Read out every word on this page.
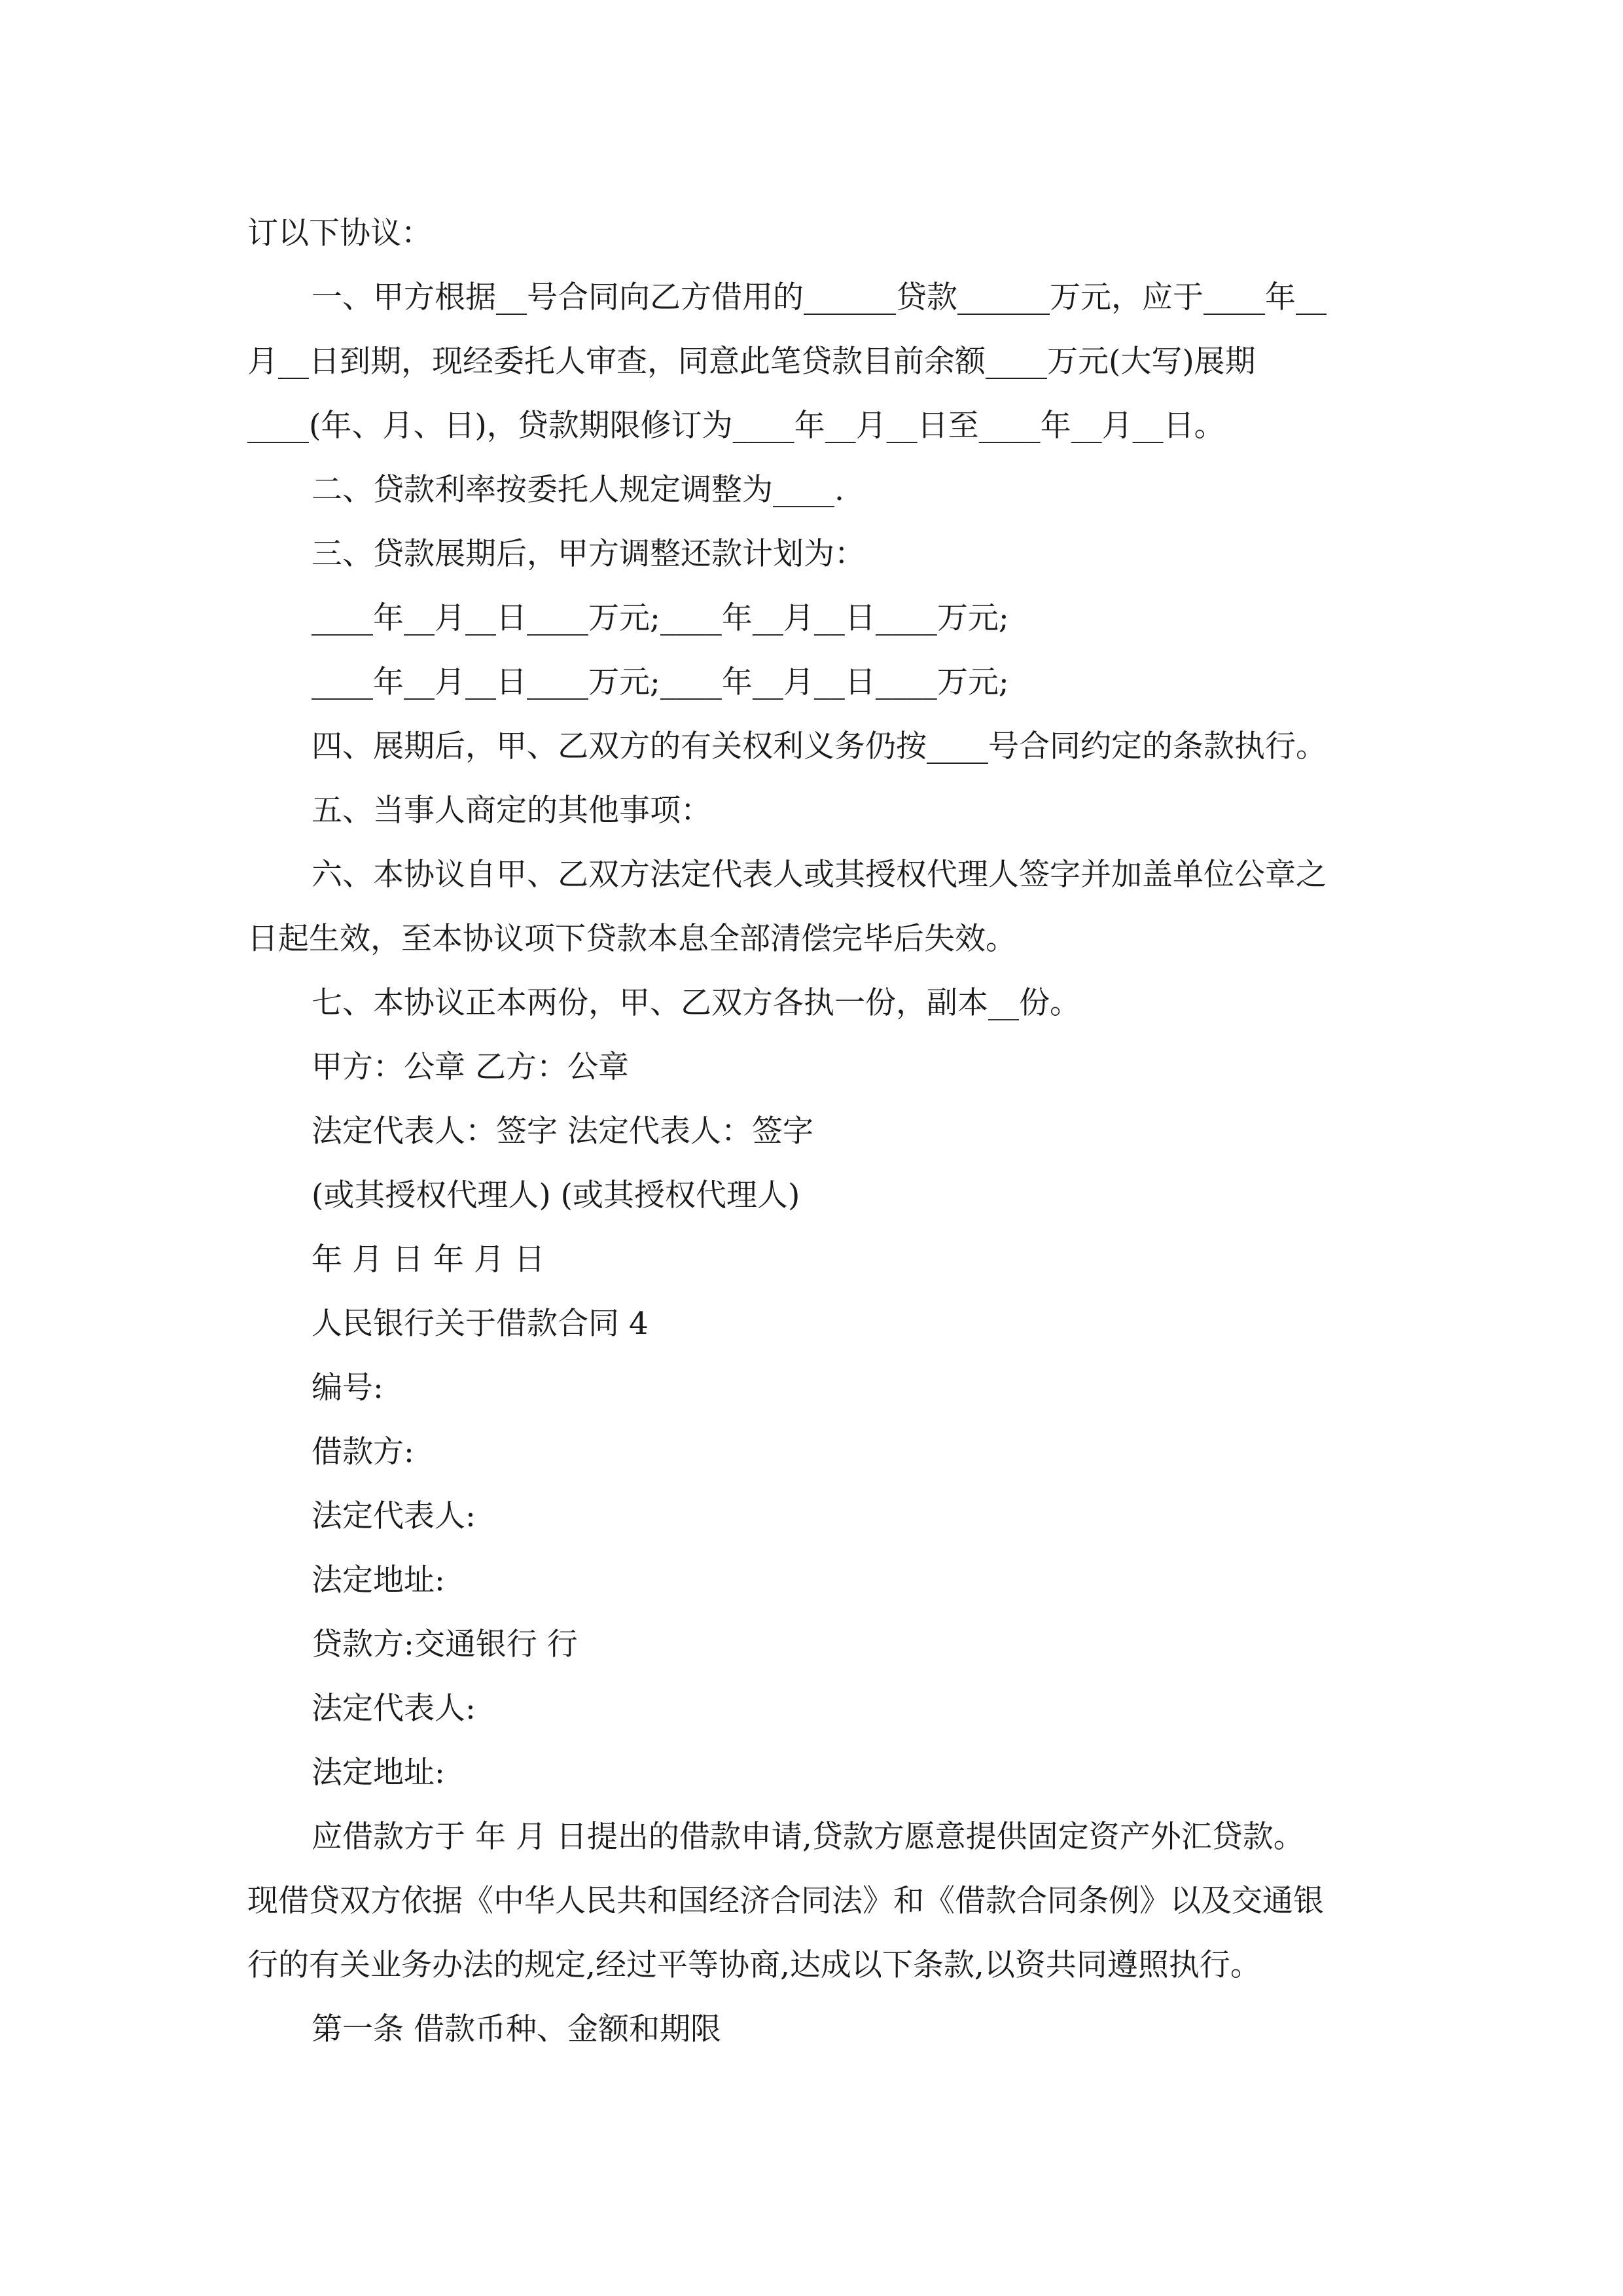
订以下协议：

一、甲方根据__号合同向乙方借用的______贷款______万元，应于____年__

月__日到期，现经委托人审查，同意此笔贷款目前余额____万元(大写)展期

____(年、月、日)，贷款期限修订为____年__月__日至____年__月__日。

二、贷款利率按委托人规定调整为____.

三、贷款展期后，甲方调整还款计划为：

____年__月__日____万元;____年__月__日____万元;

____年__月__日____万元;____年__月__日____万元;

四、展期后，甲、乙双方的有关权利义务仍按____号合同约定的条款执行。

五、当事人商定的其他事项：

六、本协议自甲、乙双方法定代表人或其授权代理人签字并加盖单位公章之

日起生效，至本协议项下贷款本息全部清偿完毕后失效。

七、本协议正本两份，甲、乙双方各执一份，副本__份。

甲方：公章 乙方：公章

法定代表人：签字 法定代表人：签字

(或其授权代理人) (或其授权代理人)

年 月 日 年 月 日

人民银行关于借款合同 4

编号:

借款方:

法定代表人:

法定地址:

贷款方:交通银行 行

法定代表人:

法定地址:

应借款方于 年 月 日提出的借款申请,贷款方愿意提供固定资产外汇贷款。

现借贷双方依据《中华人民共和国经济合同法》和《借款合同条例》以及交通银

行的有关业务办法的规定,经过平等协商,达成以下条款,以资共同遵照执行。

第一条 借款币种、金额和期限
